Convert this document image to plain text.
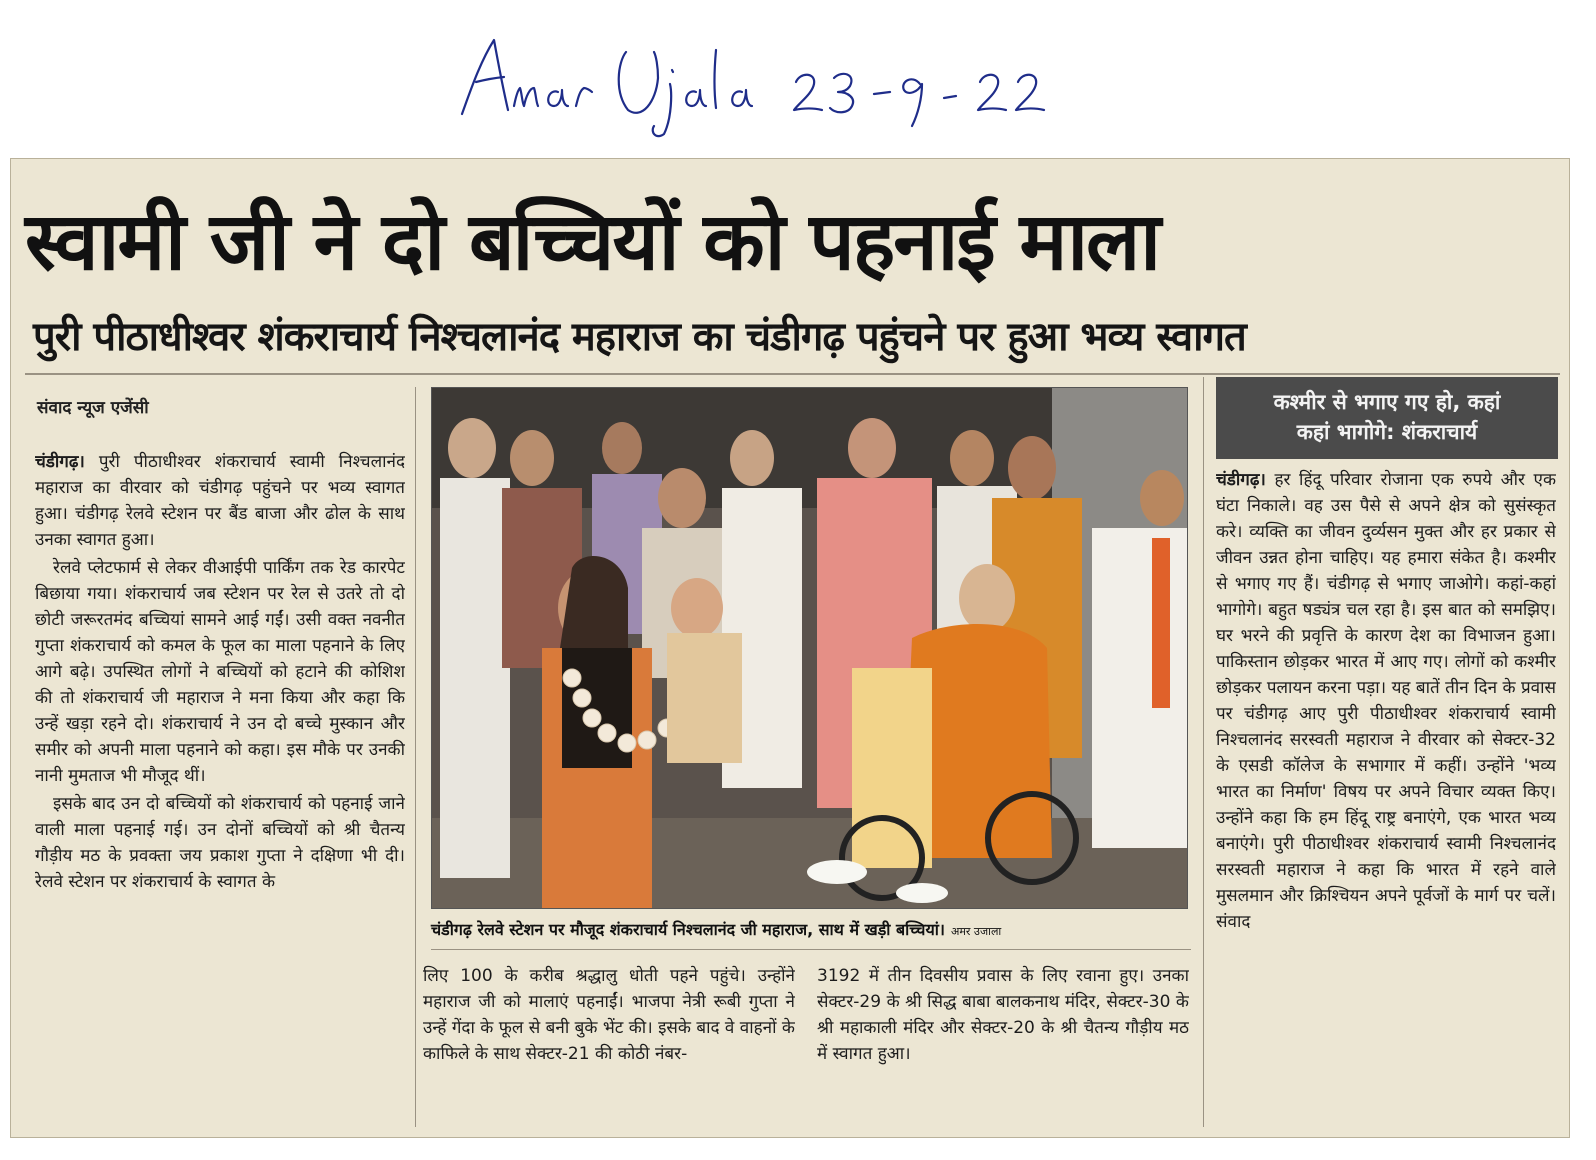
स्वामी जी ने दो बच्चियों को पहनाई माला
पुरी पीठाधीश्वर शंकराचार्य निश्चलानंद महाराज का चंडीगढ़ पहुंचने पर हुआ भव्य स्वागत
संवाद न्यूज एजेंसी

चंडीगढ़। पुरी पीठाधीश्वर शंकराचार्य स्वामी निश्चलानंद महाराज का वीरवार को चंडीगढ़ पहुंचने पर भव्य स्वागत हुआ। चंडीगढ़ रेलवे स्टेशन पर बैंड बाजा और ढोल के साथ उनका स्वागत हुआ।

रेलवे प्लेटफार्म से लेकर वीआईपी पार्किंग तक रेड कारपेट बिछाया गया। शंकराचार्य जब स्टेशन पर रेल से उतरे तो दो छोटी जरूरतमंद बच्चियां सामने आई गईं। उसी वक्त नवनीत गुप्ता शंकराचार्य को कमल के फूल का माला पहनाने के लिए आगे बढ़े। उपस्थित लोगों ने बच्चियों को हटाने की कोशिश की तो शंकराचार्य जी महाराज ने मना किया और कहा कि उन्हें खड़ा रहने दो। शंकराचार्य ने उन दो बच्चे मुस्कान और समीर को अपनी माला पहनाने को कहा। इस मौके पर उनकी नानी मुमताज भी मौजूद थीं।

इसके बाद उन दो बच्चियों को शंकराचार्य को पहनाई जाने वाली माला पहनाई गई। उन दोनों बच्चियों को श्री चैतन्य गौड़ीय मठ के प्रवक्ता जय प्रकाश गुप्ता ने दक्षिणा भी दी। रेलवे स्टेशन पर शंकराचार्य के स्वागत के

चंडीगढ़ रेलवे स्टेशन पर मौजूद शंकराचार्य निश्चलानंद जी महाराज, साथ में खड़ी बच्चियां। अमर उजाला

लिए 100 के करीब श्रद्धालु धोती पहने पहुंचे। उन्होंने महाराज जी को मालाएं पहनाईं। भाजपा नेत्री रूबी गुप्ता ने उन्हें गेंदा के फूल से बनी बुके भेंट की। इसके बाद वे वाहनों के काफिले के साथ सेक्टर-21 की कोठी नंबर-

3192 में तीन दिवसीय प्रवास के लिए रवाना हुए। उनका सेक्टर-29 के श्री सिद्ध बाबा बालकनाथ मंदिर, सेक्टर-30 के श्री महाकाली मंदिर और सेक्टर-20 के श्री चैतन्य गौड़ीय मठ में स्वागत हुआ।

कश्मीर से भगाए गए हो, कहां
कहां भागोगे: शंकराचार्य

चंडीगढ़। हर हिंदू परिवार रोजाना एक रुपये और एक घंटा निकाले। वह उस पैसे से अपने क्षेत्र को सुसंस्कृत करे। व्यक्ति का जीवन दुर्व्यसन मुक्त और हर प्रकार से जीवन उन्नत होना चाहिए। यह हमारा संकेत है। कश्मीर से भगाए गए हैं। चंडीगढ़ से भगाए जाओगे। कहां-कहां भागोगे। बहुत षड्यंत्र चल रहा है। इस बात को समझिए। घर भरने की प्रवृत्ति के कारण देश का विभाजन हुआ। पाकिस्तान छोड़कर भारत में आए गए। लोगों को कश्मीर छोड़कर पलायन करना पड़ा। यह बातें तीन दिन के प्रवास पर चंडीगढ़ आए पुरी पीठाधीश्वर शंकराचार्य स्वामी निश्चलानंद सरस्वती महाराज ने वीरवार को सेक्टर-32 के एसडी कॉलेज के सभागार में कहीं। उन्होंने 'भव्य भारत का निर्माण' विषय पर अपने विचार व्यक्त किए। उन्होंने कहा कि हम हिंदू राष्ट्र बनाएंगे, एक भारत भव्य बनाएंगे। पुरी पीठाधीश्वर शंकराचार्य स्वामी निश्चलानंद सरस्वती महाराज ने कहा कि भारत में रहने वाले मुसलमान और क्रिश्चियन अपने पूर्वजों के मार्ग पर चलें। संवाद
